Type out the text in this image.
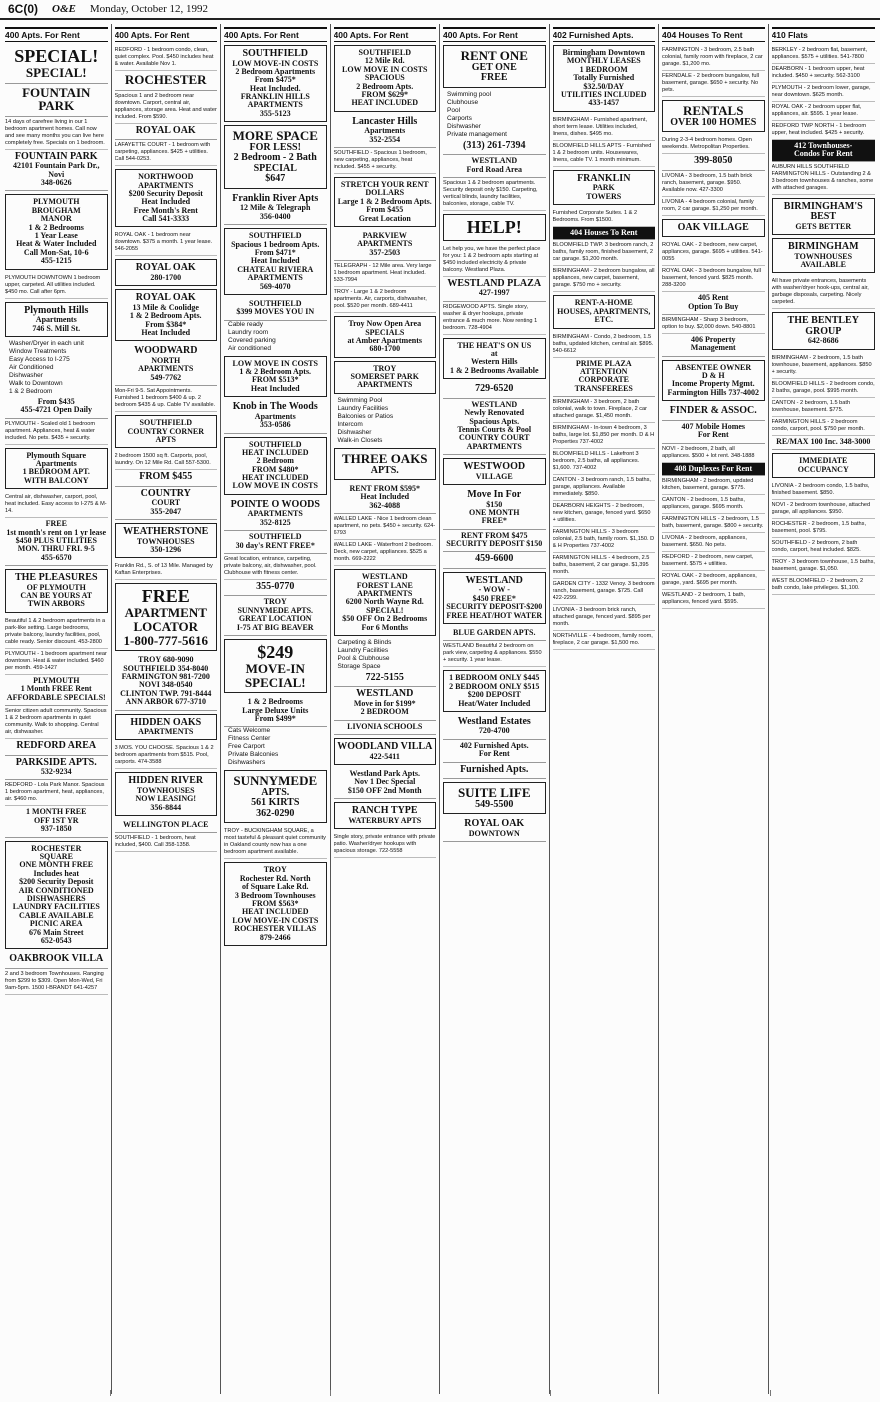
6C(0) O&E Monday, October 12, 1992
400 Apts. For Rent
SPECIAL!
SPECIAL!
FOUNTAIN PARK
14 days of carefree living in our 1 bedroom apartment homes. Call now and see many months you can live here completely free. Specials on 1 bedroom.
FOUNTAIN PARK
42101 Fountain Park Dr., Novi
348-0626
PLYMOUTH
BROUGHAM
MANOR
1 & 2 Bedrooms
1 Year Lease
Heat & Water Included
Call Mon-Sat, 10-6
455-1215
PLYMOUTH DOWNTOWN 1 bedroom upper, carpeted. All utilities included. $450 mo. Call after 6pm.
Plymouth Hills
Apartments
746 S. Mill St.
Washer/Dryer in each unit
Window Treatments
Easy Access to I-275
Air Conditioned
Dishwasher
Walk to Downtown
1 & 2 Bedroom
From $435
455-4721 Open Daily
PLYMOUTH - Scaled old 1 bedroom apartment. Appliances, heat & water included. No pets. $435 + security.
Plymouth Square
Apartments
1 BEDROOM APT.
WITH BALCONY
Central air, dishwasher, carport, pool, heat included. Easy access to I-275 & M-14.
FREE
1st month's rent on 1 yr lease
$450 PLUS UTILITIES
MON. THRU FRI. 9-5
455-6570
THE PLEASURES
OF PLYMOUTH
CAN BE YOURS AT
TWIN ARBORS
Beautiful 1 & 2 bedroom apartments in a park-like setting. Large bedrooms, private balcony, laundry facilities, pool, cable ready. Senior discount. 453-2800
PLYMOUTH - 1 bedroom apartment near downtown. Heat & water included. $460 per month. 459-1427
PLYMOUTH
1 Month FREE Rent
AFFORDABLE SPECIALS!
Senior citizen adult community. Spacious 1 & 2 bedroom apartments in quiet community. Walk to shopping. Central air, dishwasher.
REDFORD AREA
PARKSIDE APTS.
532-9234
REDFORD - Lola Park Manor. Spacious 1 bedroom apartment, heat, appliances, air. $460 mo.
1 MONTH FREE
OFF 1ST YR
937-1850
ROCHESTER
SQUARE
ONE MONTH FREE
Includes heat
$200 Security Deposit
AIR CONDITIONED
DISHWASHERS
LAUNDRY FACILITIES
CABLE AVAILABLE
PICNIC AREA
676 Main Street
652-0543
OAKBROOK VILLA
2 and 3 bedroom Townhouses. Ranging from $299 to $309. Open Mon-Wed, Fri 9am-5pm. 1500 I-BRANDT 641-4257
400 Apts. For Rent
REDFORD - 1 bedroom condo, clean, quiet complex. Pool. $450 includes heat & water. Available Nov 1.
ROCHESTER
Spacious 1 and 2 bedroom near downtown. Carport, central air, appliances, storage area. Heat and water included. From $590.
ROYAL OAK
LAFAYETTE COURT - 1 bedroom with carpeting, appliances. $425 + utilities. Call 544-0253.
NORTHWOOD APARTMENTS
$200 Security Deposit
Heat Included
Free Month's Rent
Call 541-3333
ROYAL OAK - 1 bedroom near downtown. $375 a month. 1 year lease. 546-2055
ROYAL OAK
280-1700
ROYAL OAK
13 Mile & Coolidge
1 & 2 Bedroom Apts.
From $384*
Heat Included
WOODWARD
NORTH
APARTMENTS
549-7762
Mon-Fri 9-5. Sat Appointments. Furnished 1 bedroom $400 & up. 2 bedroom $435 & up. Cable TV available.
SOUTHFIELD
COUNTRY CORNER APTS
2 bedroom 1500 sq ft. Carports, pool, laundry. On 12 Mile Rd. Call 557-5300.
FROM $455
COUNTRY
COURT
355-2047
WEATHERSTONE
TOWNHOUSES
350-1296
Franklin Rd., S. of 13 Mile. Managed by Kaftan Enterprises.
FREE
APARTMENT
LOCATOR
1-800-777-5616
TROY 680-9090
SOUTHFIELD 354-8040
FARMINGTON 981-7200
NOVI 348-0540
CLINTON TWP. 791-8444
ANN ARBOR 677-3710
HIDDEN OAKS
APARTMENTS
3 MOS. YOU CHOOSE. Spacious 1 & 2 bedroom apartments from $515. Pool, carports. 474-3588
HIDDEN RIVER
TOWNHOUSES
NOW LEASING!
356-8844
WELLINGTON PLACE
SOUTHFIELD - 1 bedroom, heat included, $400. Call 358-1358.
400 Apts. For Rent
SOUTHFIELD
LOW MOVE-IN COSTS
2 Bedroom Apartments
From $475*
Heat Included.
FRANKLIN HILLS
APARTMENTS
355-5123
MORE SPACE
FOR LESS!
2 Bedroom - 2 Bath
SPECIAL
$647
Franklin River Apts
12 Mile & Telegraph
356-0400
SOUTHFIELD
Spacious 1 bedroom Apts.
From $471*
Heat Included
CHATEAU RIVIERA
APARTMENTS
569-4070
SOUTHFIELD
$399 MOVES YOU IN
Cable ready
Laundry room
Covered parking
Air conditioned
LOW MOVE IN COSTS
1 & 2 Bedroom Apts.
FROM $513*
Heat Included
Knob in The Woods
Apartments
353-0586
SOUTHFIELD
HEAT INCLUDED
2 Bedroom
FROM $480*
HEAT INCLUDED
LOW MOVE IN COSTS
POINTE O WOODS
APARTMENTS
352-8125
SOUTHFIELD
30 day's RENT FREE*
Great location, entrance, carpeting, private balcony, air, dishwasher, pool. Clubhouse with fitness center.
355-0770
TROY
SUNNYMEDE APTS.
GREAT LOCATION
I-75 AT BIG BEAVER
$249
MOVE-IN
SPECIAL!
1 & 2 Bedrooms
Large Deluxe Units
From $499*
Cats Welcome
Fitness Center
Free Carport
Private Balconies
Dishwashers
SUNNYMEDE
APTS.
561 KIRTS
362-0290
TROY - BUCKINGHAM SQUARE, a most tasteful & pleasant quiet community in Oakland county now has a one bedroom apartment available.
TROY
Rochester Rd. North
of Square Lake Rd.
3 Bedroom Townhouses
FROM $563*
HEAT INCLUDED
LOW MOVE-IN COSTS
ROCHESTER VILLAS
879-2466
400 Apts. For Rent
SOUTHFIELD
12 Mile Rd.
LOW MOVE IN COSTS
SPACIOUS
2 Bedroom Apts.
FROM $629*
HEAT INCLUDED
Lancaster Hills
Apartments
352-2554
SOUTHFIELD - Spacious 1 bedroom, new carpeting, appliances, heat included. $455 + security.
STRETCH YOUR RENT DOLLARS
Large 1 & 2 Bedroom Apts.
From $455
Great Location
PARKVIEW APARTMENTS
357-2503
TELEGRAPH - 12 Mile area. Very large 1 bedroom apartment. Heat included. 533-7994
TROY - Large 1 & 2 bedroom apartments. Air, carports, dishwasher, pool. $520 per month. 689-4411
Troy Now Open Area
SPECIALS
at Amber Apartments
680-1700
TROY
SOMERSET PARK APARTMENTS
Swimming Pool
Laundry Facilities
Balconies or Patios
Intercom
Dishwasher
Walk-in Closets
THREE OAKS
APTS.
RENT FROM $595*
Heat Included
362-4088
WALLED LAKE - Nice 1 bedroom clean apartment, no pets. $450 + security. 624-6793
WALLED LAKE - Waterfront 2 bedroom. Deck, new carpet, appliances. $525 a month. 669-2222
WESTLAND
FOREST LANE
APARTMENTS
6200 North Wayne Rd.
SPECIAL!
$50 OFF On 2 Bedrooms
For 6 Months
Carpeting & Blinds
Laundry Facilities
Pool & Clubhouse
Storage Space
722-5155
WESTLAND
Move in for $199*
2 BEDROOM
LIVONIA SCHOOLS
WOODLAND VILLA
422-5411
Westland Park Apts.
Nov 1 Dec Special
$150 OFF 2nd Month
RANCH TYPE
WATERBURY APTS
Single story, private entrance with private patio. Washer/dryer hookups with spacious storage. 722-5558
400 Apts. For Rent
RENT ONE
GET ONE
FREE
Swimming pool
Clubhouse
Pool
Carports
Dishwasher
Private management
(313) 261-7394
WESTLAND
Ford Road Area
Spacious 1 & 2 bedroom apartments. Security deposit only $150. Carpeting, vertical blinds, laundry facilities, balconies, storage, cable TV.
HELP!
Let help you, we have the perfect place for you: 1 & 2 bedroom apts starting at $450 included electricity & private balcony. Westland Plaza.
WESTLAND PLAZA
427-1997
RIDGEWOOD APTS. Single story, washer & dryer hookups, private entrance & much more. Now renting 1 bedroom. 728-4904
THE HEAT'S ON US
at
Western Hills
1 & 2 Bedrooms Available
729-6520
WESTLAND
Newly Renovated
Spacious Apts.
Tennis Courts & Pool
COUNTRY COURT APARTMENTS
WESTWOOD
VILLAGE
Move In For
$150
ONE MONTH
FREE*
RENT FROM $475
SECURITY DEPOSIT $150
459-6600
WESTLAND
- WOW -
$450 FREE*
SECURITY DEPOSIT-$200
FREE HEAT/HOT WATER
BLUE GARDEN APTS.
WESTLAND Beautiful 2 bedroom on park view, carpeting & appliances. $550 + security. 1 year lease.
1 BEDROOM ONLY $445
2 BEDROOM ONLY $515
$200 DEPOSIT
Heat/Water Included
Westland Estates
720-4700
402 Furnished Apts.
For Rent
Furnished Apts.
SUITE LIFE
549-5500
ROYAL OAK
DOWNTOWN
402 Furnished Apts.
Birmingham Downtown
MONTHLY LEASES
1 BEDROOM
Totally Furnished
$32.50/DAY
UTILITIES INCLUDED
433-1457
BIRMINGHAM - Furnished apartment, short term lease. Utilities included, linens, dishes. $495 mo.
BLOOMFIELD HILLS APTS - Furnished 1 & 2 bedroom units. Housewares, linens, cable TV. 1 month minimum.
FRANKLIN
PARK
TOWERS
Furnished Corporate Suites. 1 & 2 Bedrooms. From $1500.
404 Houses To Rent
BLOOMFIELD TWP. 3 bedroom ranch, 2 baths, family room, finished basement, 2 car garage. $1,200 month.
BIRMINGHAM - 2 bedroom bungalow, all appliances, new carpet, basement, garage. $750 mo + security.
RENT-A-HOME
HOUSES, APARTMENTS, ETC.
BIRMINGHAM - Condo, 2 bedroom, 1.5 baths, updated kitchen, central air. $895. 540-6612
PRIME PLAZA
ATTENTION
CORPORATE TRANSFEREES
BIRMINGHAM - 3 bedroom, 2 bath colonial, walk to town. Fireplace, 2 car attached garage. $1,450 month.
BIRMINGHAM - In-town 4 bedroom, 3 baths, large lot. $1,850 per month. D & H Properties 737-4002
BLOOMFIELD HILLS - Lakefront 3 bedroom, 2.5 baths, all appliances. $1,600. 737-4002
CANTON - 3 bedroom ranch, 1.5 baths, garage, appliances. Available immediately. $850.
DEARBORN HEIGHTS - 2 bedroom, new kitchen, garage, fenced yard. $650 + utilities.
FARMINGTON HILLS - 3 bedroom colonial, 2.5 bath, family room. $1,150. D & H Properties 737-4002
FARMINGTON HILLS - 4 bedroom, 2.5 baths, basement, 2 car garage. $1,395 month.
GARDEN CITY - 1332 Venoy. 3 bedroom ranch, basement, garage. $725. Call 422-2299.
LIVONIA - 3 bedroom brick ranch, attached garage, fenced yard. $895 per month.
NORTHVILLE - 4 bedroom, family room, fireplace, 2 car garage. $1,500 mo.
404 Houses To Rent
FARMINGTON - 3 bedroom, 2.5 bath colonial, family room with fireplace, 2 car garage. $1,200 mo.
FERNDALE - 2 bedroom bungalow, full basement, garage. $650 + security. No pets.
RENTALS
OVER 100 HOMES
During 2-3-4 bedroom homes. Open weekends. Metropolitan Properties.
399-8050
LIVONIA - 3 bedroom, 1.5 bath brick ranch, basement, garage. $950. Available now. 427-3300
LIVONIA - 4 bedroom colonial, family room, 2 car garage. $1,250 per month.
OAK VILLAGE
ROYAL OAK - 2 bedroom, new carpet, appliances, garage. $695 + utilities. 541-0055
ROYAL OAK - 3 bedroom bungalow, full basement, fenced yard. $825 month. 288-3200
405 Rent
Option To Buy
BIRMINGHAM - Sharp 3 bedroom, option to buy. $2,000 down. 540-8801
406 Property
Management
ABSENTEE OWNER
D & H
Income Property Mgmt.
Farmington Hills 737-4002
FINDER & ASSOC.
407 Mobile Homes
For Rent
NOVI - 2 bedroom, 2 bath, all appliances. $500 + lot rent. 348-1888
408 Duplexes For Rent
BIRMINGHAM - 2 bedroom, updated kitchen, basement, garage. $775.
CANTON - 2 bedroom, 1.5 baths, appliances, garage. $695 month.
FARMINGTON HILLS - 2 bedroom, 1.5 bath, basement, garage. $800 + security.
LIVONIA - 2 bedroom, appliances, basement. $650. No pets.
REDFORD - 2 bedroom, new carpet, basement. $575 + utilities.
ROYAL OAK - 2 bedroom, appliances, garage, yard. $695 per month.
WESTLAND - 2 bedroom, 1 bath, appliances, fenced yard. $595.
410 Flats
BERKLEY - 2 bedroom flat, basement, appliances. $575 + utilities. 541-7800
DEARBORN - 1 bedroom upper, heat included. $450 + security. 562-3100
PLYMOUTH - 2 bedroom lower, garage, near downtown. $625 month.
ROYAL OAK - 2 bedroom upper flat, appliances, air. $595. 1 year lease.
REDFORD TWP NORTH - 1 bedroom upper, heat included. $425 + security.
412 Townhouses-
Condos For Rent
AUBURN HILLS SOUTHFIELD FARMINGTON HILLS - Outstanding 2 & 3 bedroom townhouses & ranches, some with attached garages.
BIRMINGHAM'S BEST
GETS BETTER
BIRMINGHAM
TOWNHOUSES
AVAILABLE
All have private entrances, basements with washer/dryer hook-ups, central air, garbage disposals, carpeting. Nicely carpeted.
THE BENTLEY GROUP
642-8686
BIRMINGHAM - 2 bedroom, 1.5 bath townhouse, basement, appliances. $850 + security.
BLOOMFIELD HILLS - 2 bedroom condo, 2 baths, garage, pool. $995 month.
CANTON - 2 bedroom, 1.5 bath townhouse, basement. $775.
FARMINGTON HILLS - 2 bedroom condo, carport, pool. $750 per month.
RE/MAX 100 Inc. 348-3000
IMMEDIATE OCCUPANCY
LIVONIA - 2 bedroom condo, 1.5 baths, finished basement. $850.
NOVI - 2 bedroom townhouse, attached garage, all appliances. $950.
ROCHESTER - 2 bedroom, 1.5 baths, basement, pool. $795.
SOUTHFIELD - 2 bedroom, 2 bath condo, carport, heat included. $825.
TROY - 3 bedroom townhouse, 1.5 baths, basement, garage. $1,050.
WEST BLOOMFIELD - 2 bedroom, 2 bath condo, lake privileges. $1,100.
